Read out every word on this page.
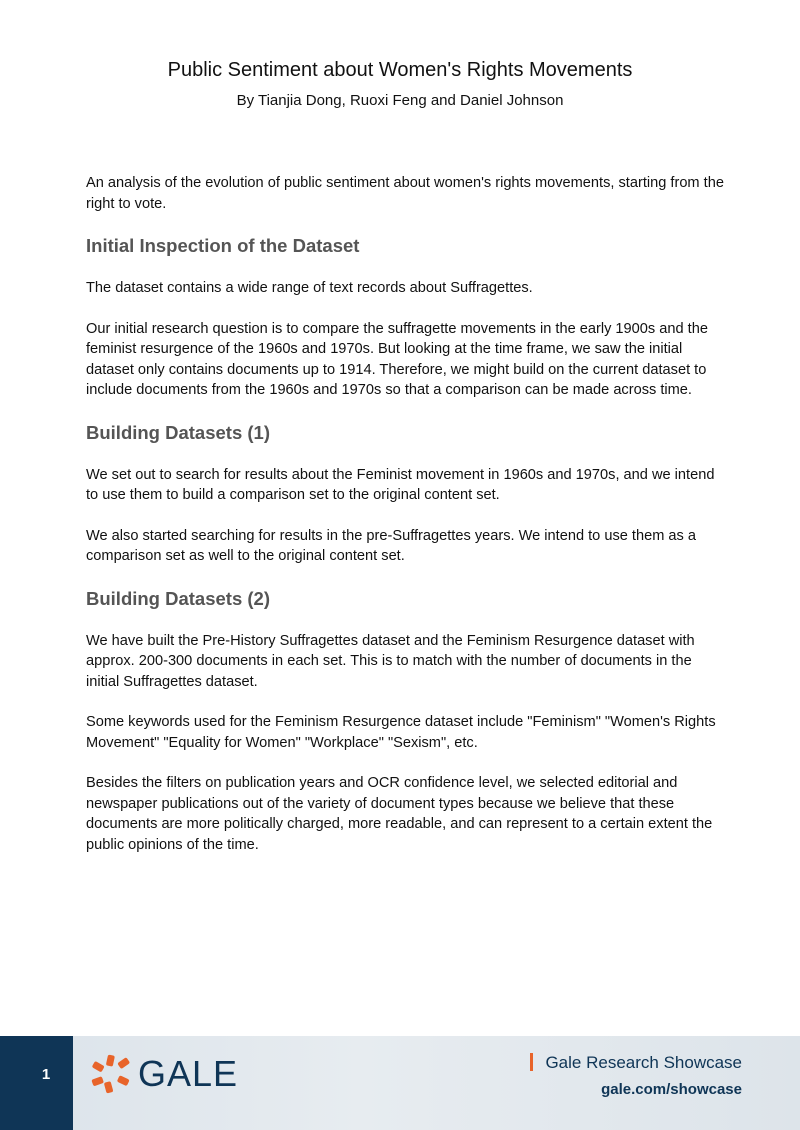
Public Sentiment about Women's Rights Movements
By Tianjia Dong, Ruoxi Feng and Daniel Johnson

An analysis of the evolution of public sentiment about women's rights movements, starting from the right to vote.

Initial Inspection of the Dataset

The dataset contains a wide range of text records about Suffragettes.

Our initial research question is to compare the suffragette movements in the early 1900s and the feminist resurgence of the 1960s and 1970s. But looking at the time frame, we saw the initial dataset only contains documents up to 1914. Therefore, we might build on the current dataset to include documents from the 1960s and 1970s so that a comparison can be made across time.

Building Datasets (1)

We set out to search for results about the Feminist movement in 1960s and 1970s, and we intend to use them to build a comparison set to the original content set.

We also started searching for results in the pre-Suffragettes years. We intend to use them as a comparison set as well to the original content set.

Building Datasets (2)

We have built the Pre-History Suffragettes dataset and the Feminism Resurgence dataset with approx. 200-300 documents in each set. This is to match with the number of documents in the initial Suffragettes dataset.

Some keywords used for the Feminism Resurgence dataset include "Feminism" "Women's Rights Movement" "Equality for Women" "Workplace" "Sexism", etc.

Besides the filters on publication years and OCR confidence level, we selected editorial and newspaper publications out of the variety of document types because we believe that these documents are more politically charged, more readable, and can represent to a certain extent the public opinions of the time.

1	GALE	Gale Research Showcase
gale.com/showcase
